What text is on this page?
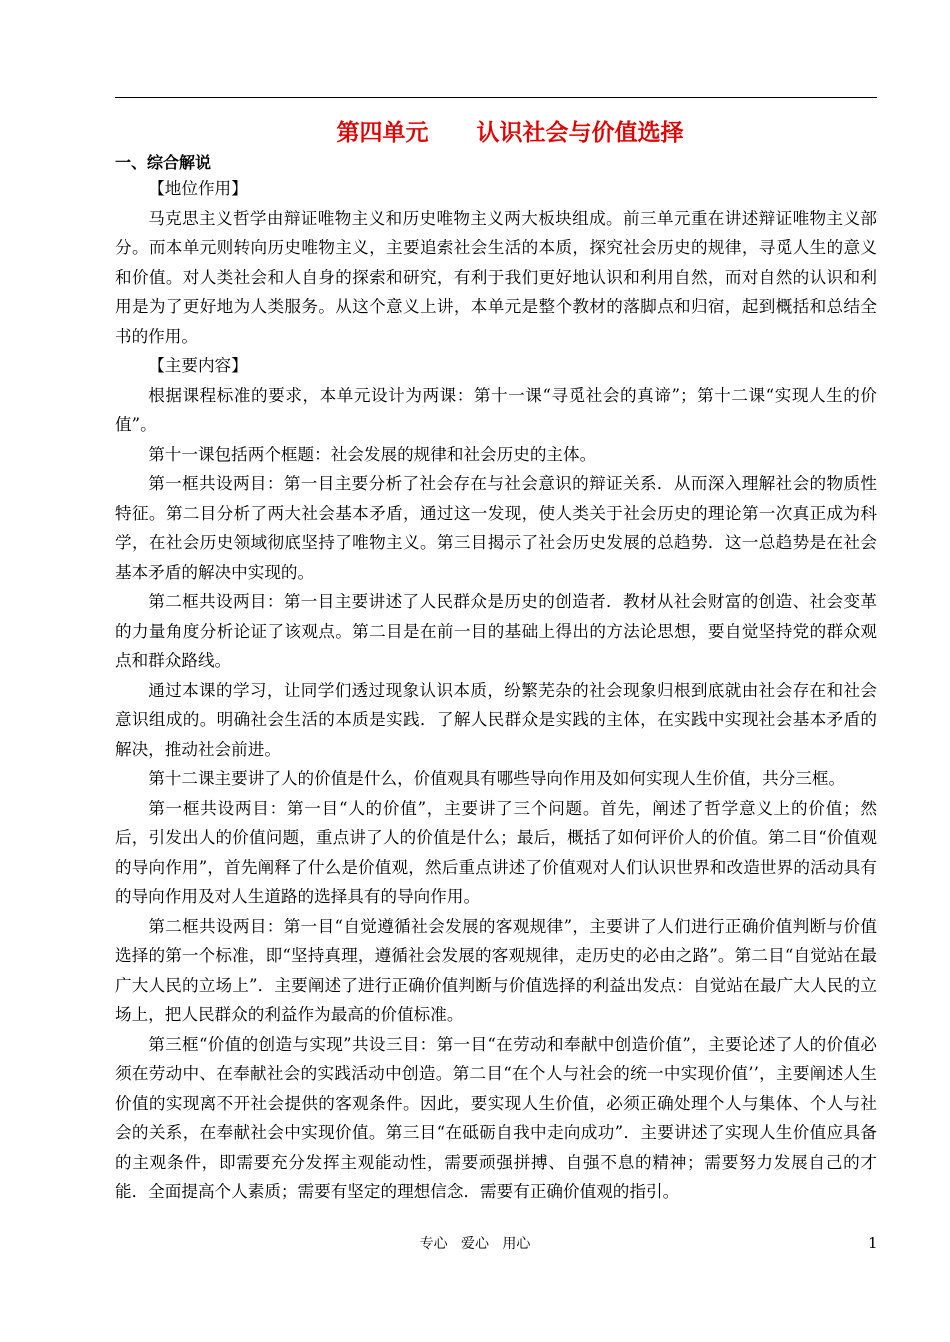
第四单元      认识社会与价值选择
一、综合解说

【地位作用】

马克思主义哲学由辩证唯物主义和历史唯物主义两大板块组成。前三单元重在讲述辩证唯物主义部分。而本单元则转向历史唯物主义，主要追索社会生活的本质，探究社会历史的规律，寻觅人生的意义和价值。对人类社会和人自身的探索和研究，有利于我们更好地认识和利用自然，而对自然的认识和利用是为了更好地为人类服务。从这个意义上讲，本单元是整个教材的落脚点和归宿，起到概括和总结全书的作用。

【主要内容】

根据课程标准的要求，本单元设计为两课：第十一课“寻觅社会的真谛”；第十二课“实现人生的价值”。

第十一课包括两个框题：社会发展的规律和社会历史的主体。

第一框共设两目：第一目主要分析了社会存在与社会意识的辩证关系．从而深入理解社会的物质性特征。第二目分析了两大社会基本矛盾，通过这一发现，使人类关于社会历史的理论第一次真正成为科学，在社会历史领域彻底坚持了唯物主义。第三目揭示了社会历史发展的总趋势．这一总趋势是在社会基本矛盾的解决中实现的。

第二框共设两目：第一目主要讲述了人民群众是历史的创造者．教材从社会财富的创造、社会变革的力量角度分析论证了该观点。第二目是在前一目的基础上得出的方法论思想，要自觉坚持党的群众观点和群众路线。

通过本课的学习，让同学们透过现象认识本质，纷繁芜杂的社会现象归根到底就由社会存在和社会意识组成的。明确社会生活的本质是实践．了解人民群众是实践的主体，在实践中实现社会基本矛盾的解决，推动社会前进。

第十二课主要讲了人的价值是什么，价值观具有哪些导向作用及如何实现人生价值，共分三框。

第一框共设两目：第一目“人的价值”，主要讲了三个问题。首先，阐述了哲学意义上的价值；然后，引发出人的价值问题，重点讲了人的价值是什么；最后，概括了如何评价人的价值。第二目“价值观的导向作用”，首先阐释了什么是价值观，然后重点讲述了价值观对人们认识世界和改造世界的活动具有的导向作用及对人生道路的选择具有的导向作用。

第二框共设两目：第一目“自觉遵循社会发展的客观规律”，主要讲了人们进行正确价值判断与价值选择的第一个标准，即“坚持真理，遵循社会发展的客观规律，走历史的必由之路”。第二目“自觉站在最广大人民的立场上”．主要阐述了进行正确价值判断与价值选择的利益出发点：自觉站在最广大人民的立场上，把人民群众的利益作为最高的价值标准。

第三框“价值的创造与实现”共设三目：第一目“在劳动和奉献中创造价值”，主要论述了人的价值必须在劳动中、在奉献社会的实践活动中创造。第二目“在个人与社会的统一中实现价值’’，主要阐述人生价值的实现离不开社会提供的客观条件。因此，要实现人生价值，必须正确处理个人与集体、个人与社会的关系，在奉献社会中实现价值。第三目“在砥砺自我中走向成功”．主要讲述了实现人生价值应具备的主观条件，即需要充分发挥主观能动性，需要顽强拼搏、自强不息的精神；需要努力发展自己的才能．全面提高个人素质；需要有坚定的理想信念．需要有正确价值观的指引。

专心   爱心   用心	1
